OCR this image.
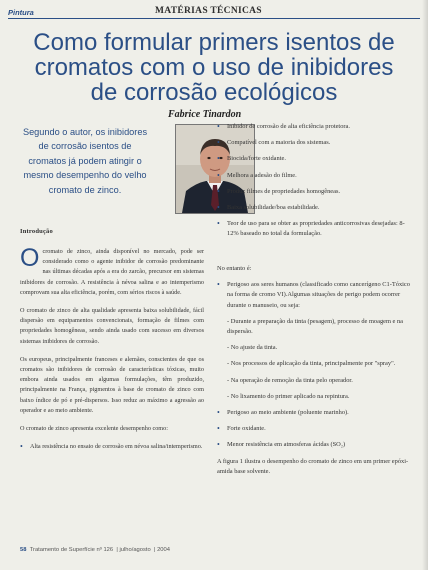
Pintura	MATÉRIAS TÉCNICAS
Como formular primers isentos de cromatos com o uso de inibidores de corrosão ecológicos
Fabrice Tinardon
Segundo o autor, os inibidores de corrosão isentos de cromatos já podem atingir o mesmo desempenho do velho cromato de zinco.
Introdução

Ocromato de zinco, ainda disponível no mercado, pode ser considerado como o agente inibidor de corrosão predominante nas últimas décadas após a era do zarcão, precursor em sistemas inibidores de corrosão. A resistência à névoa salina e ao intemperismo comprovam sua alta eficiência, porém, com sérios riscos à saúde.

O cromato de zinco de alta qualidade apresenta baixa solubilidade, fácil dispersão em equipamentos convencionais, formação de filmes com propriedades homogêneas, sendo ainda usado com sucesso em diversos sistemas inibidores de corrosão.

Os europeus, principalmente franceses e alemães, conscientes de que os cromatos são inibidores de corrosão de características tóxicas, muito embora ainda usados em algumas formulações, têm produzido, principalmente na França, pigmentos à base de cromato de zinco com baixo índice de pó e pré-dispersos. Isso reduz ao máximo a agressão ao operador e ao meio ambiente.

O cromato de zinco apresenta excelente desempenho como:

• Alta resistência no ensaio de corrosão em névoa salina/intemperismo.
• Inibidor de corrosão de alta eficiência protetora.
• Compatível com a maioria dos sistemas.
• Biocida/forte oxidante.
• Melhora a adesão do filme.
• Produz filmes de propriedades homogêneas.
• Baixa solubilidade/boa estabilidade.
• Teor de uso para se obter as propriedades anticorrosivas desejadas: 8-12% baseado no total da formulação.
No entanto é:
• Perigoso aos seres humanos (classificado como cancerígeno C1-Tóxico na forma de cromo VI).Algumas situações de perigo podem ocorrer durante o manuseio, ou seja:
- Durante a preparação da tinta (pesagem), processo de moagem e na dispersão.
- No ajuste da tinta.
- Nos processos de aplicação da tinta, principalmente por "spray".
- Na operação de remoção da tinta pelo operador.
- No lixamento do primer aplicado na repintura.
• Perigoso ao meio ambiente (poluente marinho).
• Forte oxidante.
• Menor resistência em atmosferas ácidas (SO₂)
A figura 1 ilustra o desempenho do cromato de zinco em um primer epóxi-amida base solvente.
58 Tratamento de Superfície nº 126  | julho/agosto  | 2004
